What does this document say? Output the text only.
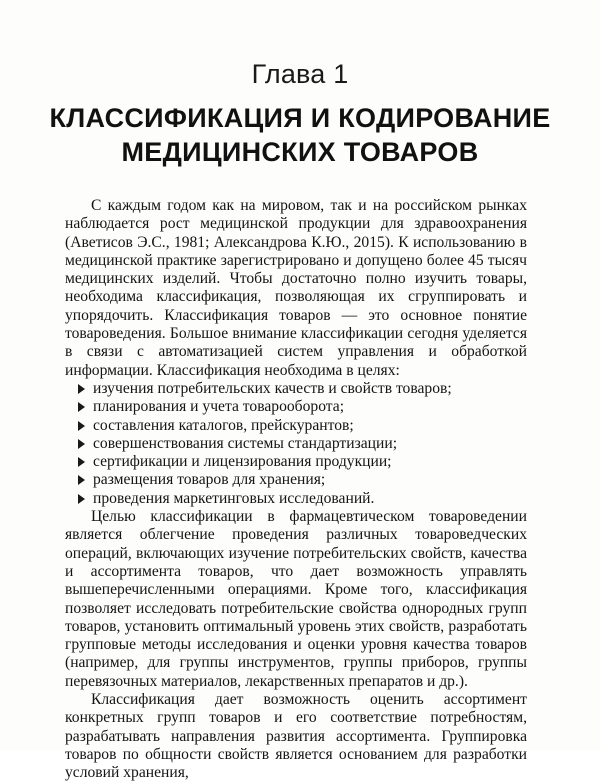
Глава 1
КЛАССИФИКАЦИЯ И КОДИРОВАНИЕ
МЕДИЦИНСКИХ ТОВАРОВ

С каждым годом как на мировом, так и на российском рынках наблюдается рост медицинской продукции для здравоохранения (Аветисов Э.С., 1981; Александрова К.Ю., 2015). К использованию в медицинской практике зарегистрировано и допущено более 45 тысяч медицинских изделий. Чтобы достаточно полно изучить товары, необходима классификация, позволяющая их сгруппировать и упорядочить. Классификация товаров — это основное понятие товароведения. Большое внимание классификации сегодня уделяется в связи с автоматизацией систем управления и обработкой информации. Классификация необходима в целях:

изучения потребительских качеств и свойств товаров;
планирования и учета товарооборота;
составления каталогов, прейскурантов;
совершенствования системы стандартизации;
сертификации и лицензирования продукции;
размещения товаров для хранения;
проведения маркетинговых исследований.

Целью классификации в фармацевтическом товароведении является облегчение проведения различных товароведческих операций, включающих изучение потребительских свойств, качества и ассортимента товаров, что дает возможность управлять вышеперечисленными операциями. Кроме того, классификация позволяет исследовать потребительские свойства однородных групп товаров, установить оптимальный уровень этих свойств, разработать групповые методы исследования и оценки уровня качества товаров (например, для группы инструментов, группы приборов, группы перевязочных материалов, лекарственных препаратов и др.).

Классификация дает возможность оценить ассортимент конкретных групп товаров и его соответствие потребностям, разрабатывать направления развития ассортимента. Группировка товаров по общности свойств является основанием для разработки условий хранения,
